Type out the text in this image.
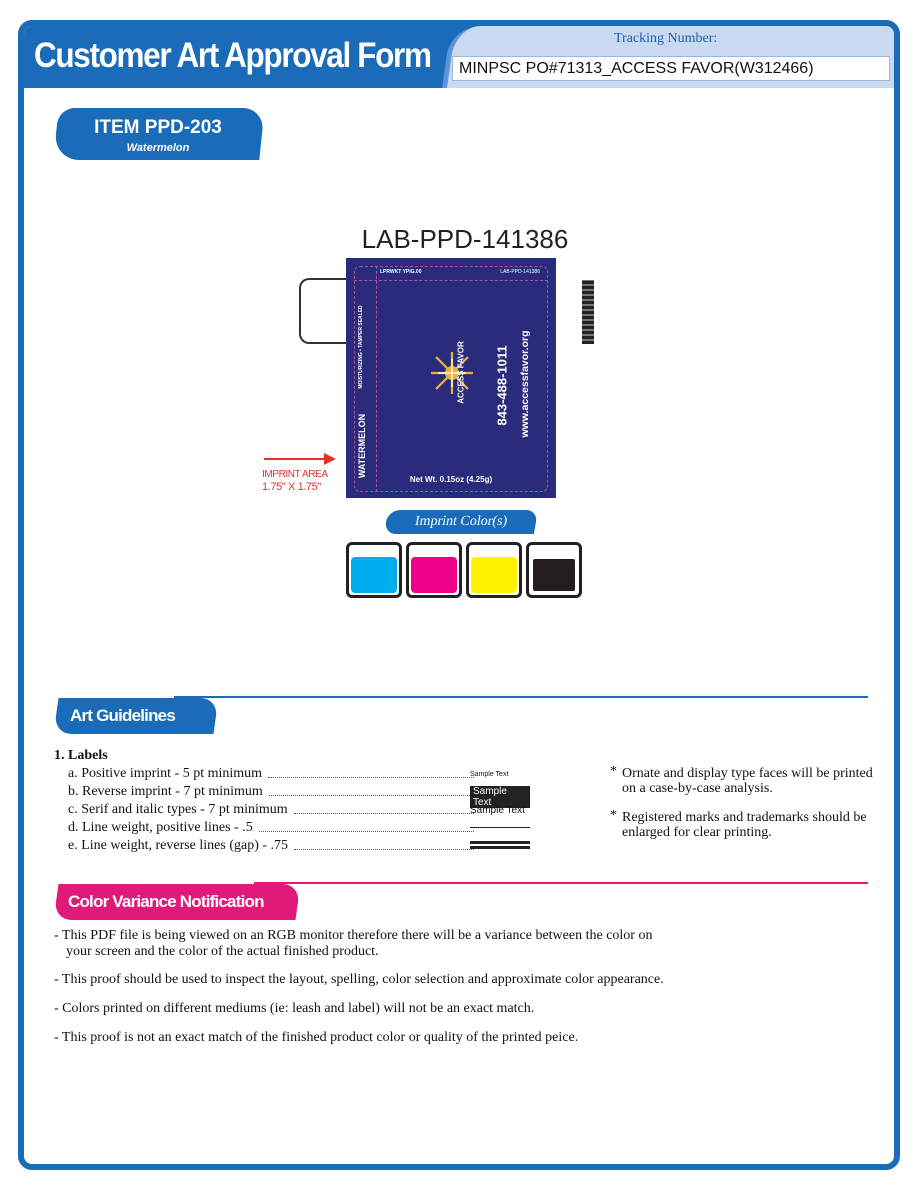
Customer Art Approval Form	Tracking Number:
MINPSC PO#71313_ACCESS FAVOR(W312466)
ITEM PPD-203
Watermelon
LAB-PPD-141386
LPRWKT YPIG.00	LAB-PPD-141386
MOISTURIZING • TAMPER SEALED
WATERMELON
ACCESS FAVOR 843-488-1011 www.accessfavor.org
Net Wt. 0.15oz (4.25g)
IMPRINT AREA
1.75" X 1.75"
Imprint Color(s)
C	M	Y	K
Art Guidelines
1. Labels
a. Positive imprint - 5 pt minimum	Sample Text
b. Reverse imprint - 7 pt minimum	Sample Text
c. Serif and italic types - 7 pt minimum	Sample Text
d. Line weight, positive lines - .5
e. Line weight, reverse lines (gap) - .75
* Ornate and display type faces will be printed on a case-by-case analysis.
* Registered marks and trademarks should be enlarged for clear printing.
Color Variance Notification
- This PDF file is being viewed on an RGB monitor therefore there will be a variance between the color on
your screen and the color of the actual finished product.
- This proof should be used to inspect the layout, spelling, color selection and approximate color appearance.
- Colors printed on different mediums (ie: leash and label) will not be an exact match.
- This proof is not an exact match of the finished product color or quality of the printed peice.
